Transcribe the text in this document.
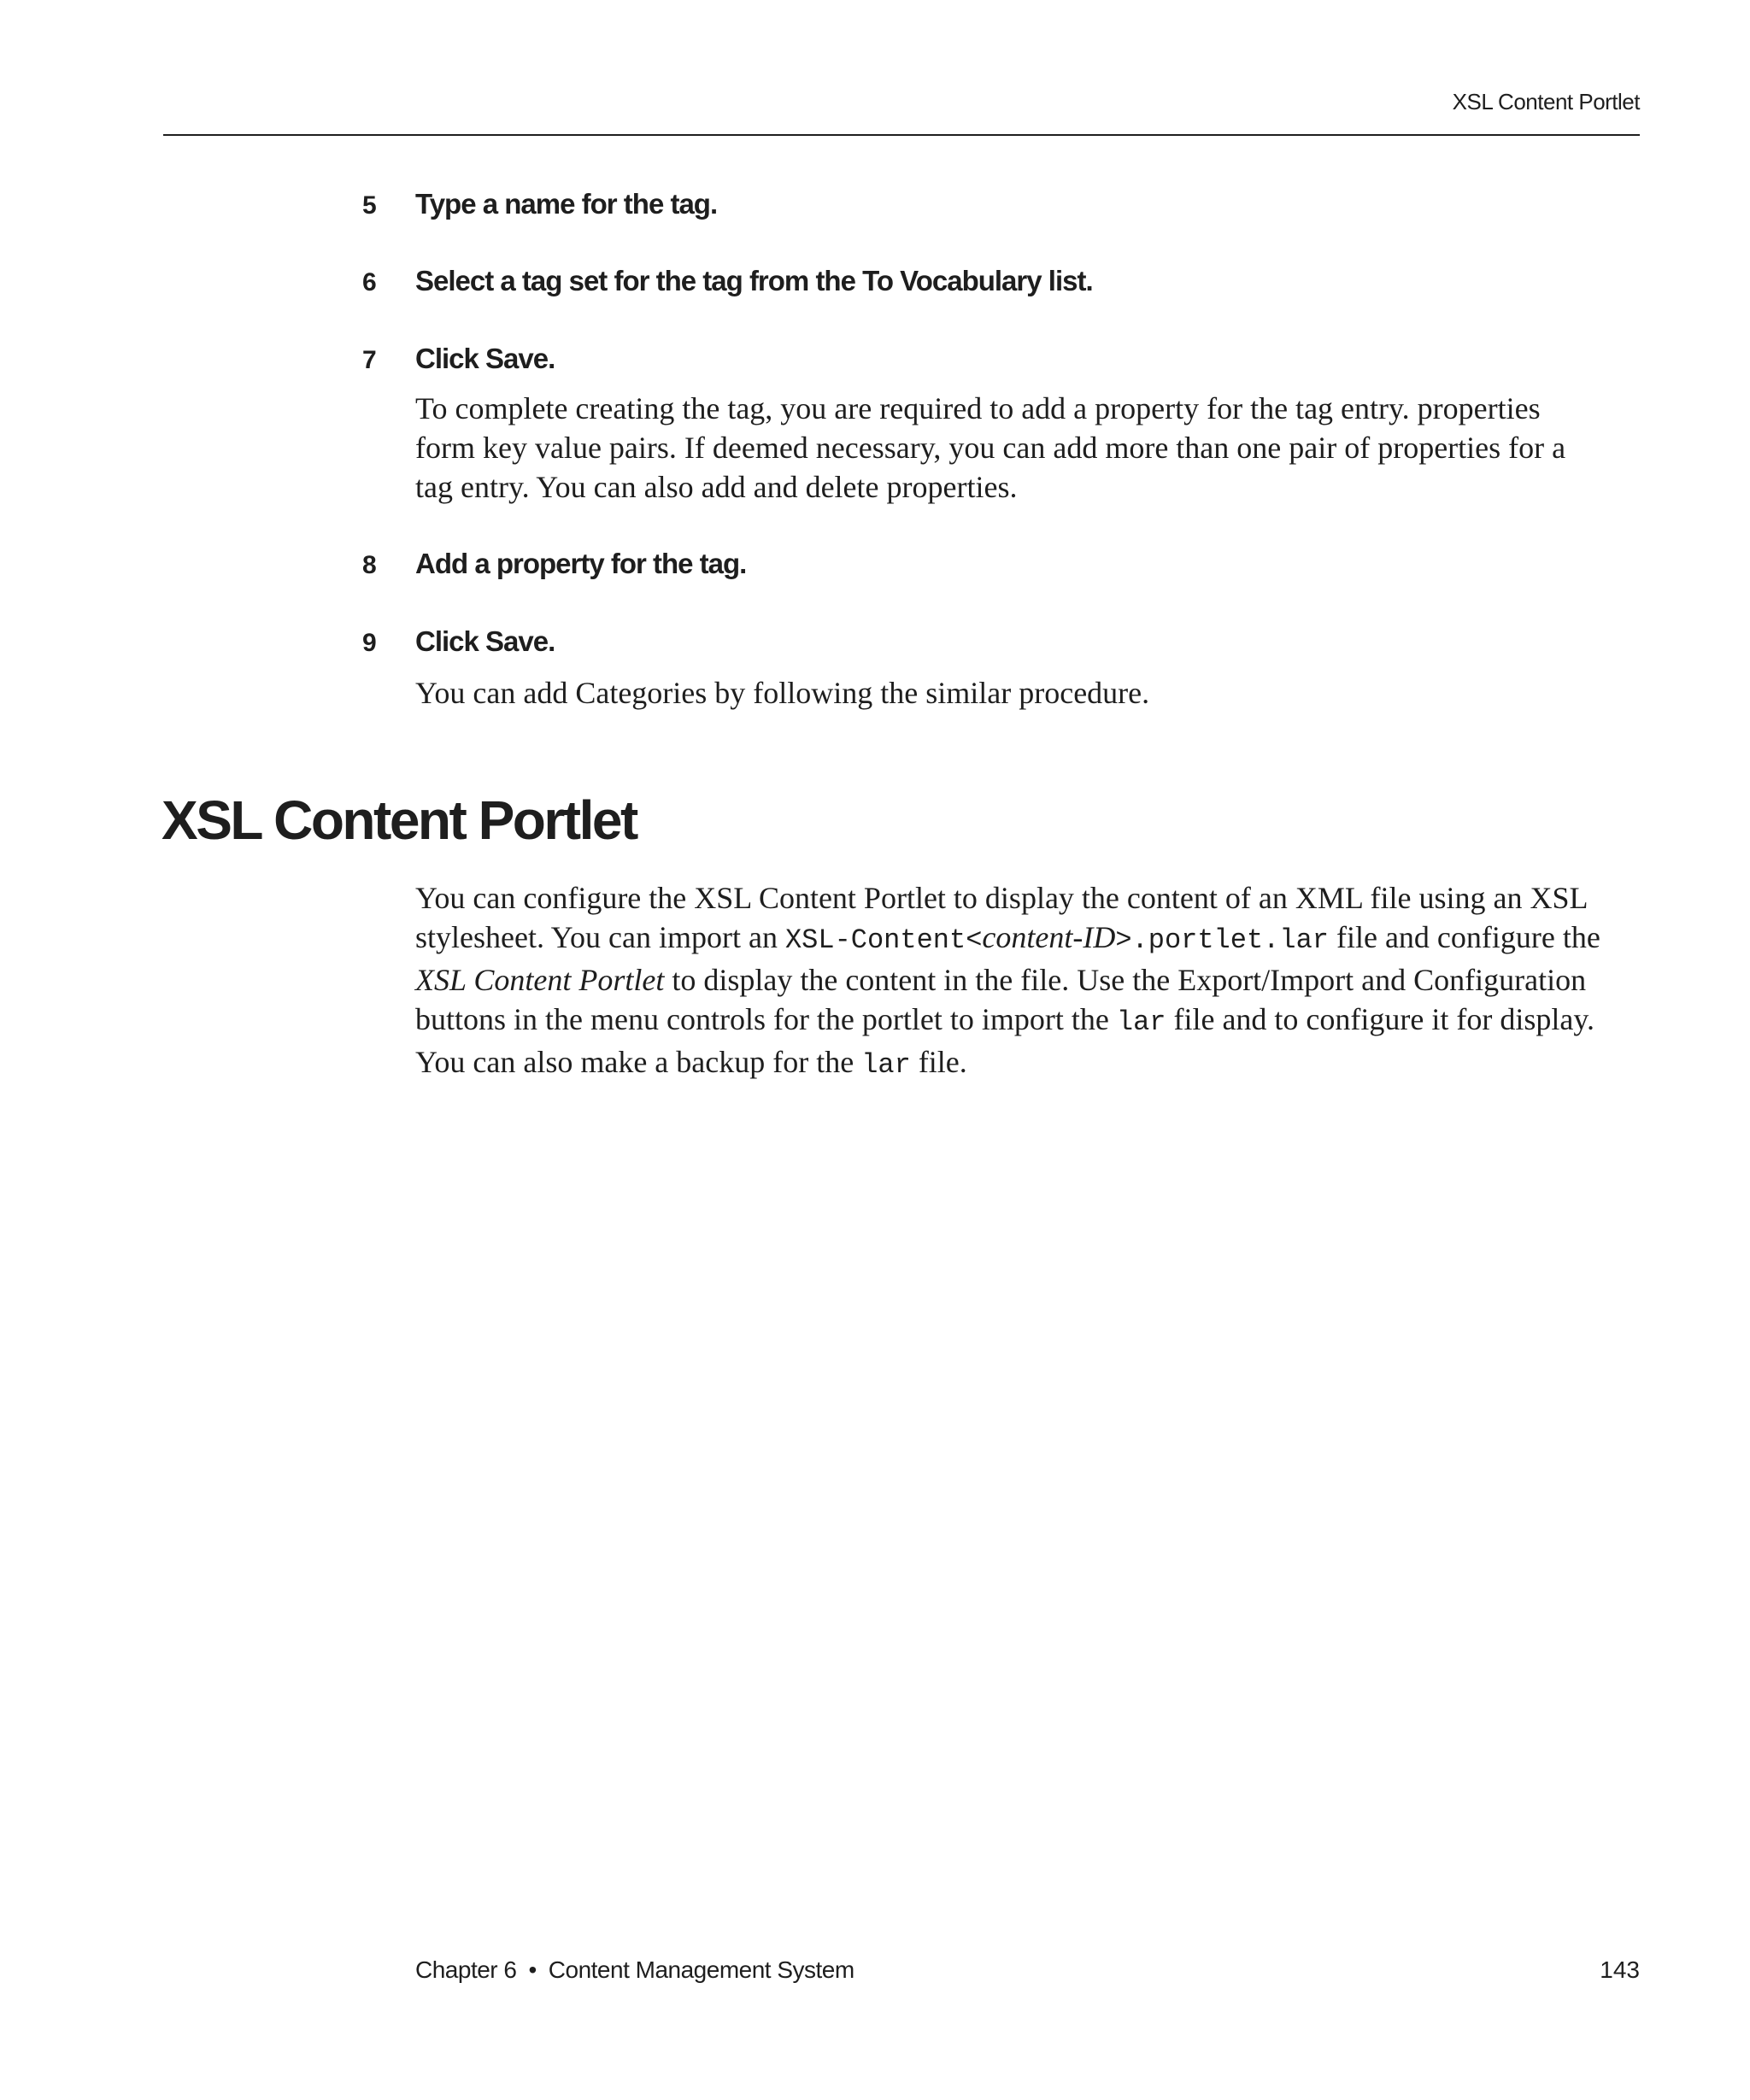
XSL Content Portlet
5 Type a name for the tag.
6 Select a tag set for the tag from the To Vocabulary list.
7 Click Save.
To complete creating the tag, you are required to add a property for the tag entry. properties
form key value pairs. If deemed necessary, you can add more than one pair of properties for a
tag entry. You can also add and delete properties.
8 Add a property for the tag.
9 Click Save.
You can add Categories by following the similar procedure.
XSL Content Portlet
You can configure the XSL Content Portlet to display the content of an XML file using an XSL
stylesheet. You can import an XSL-Content<content-ID>.portlet.lar file and configure the
XSL Content Portlet to display the content in the file. Use the Export/Import and Configuration
buttons in the menu controls for the portlet to import the lar file and to configure it for display.
You can also make a backup for the lar file.
Chapter 6 • Content Management System	143
